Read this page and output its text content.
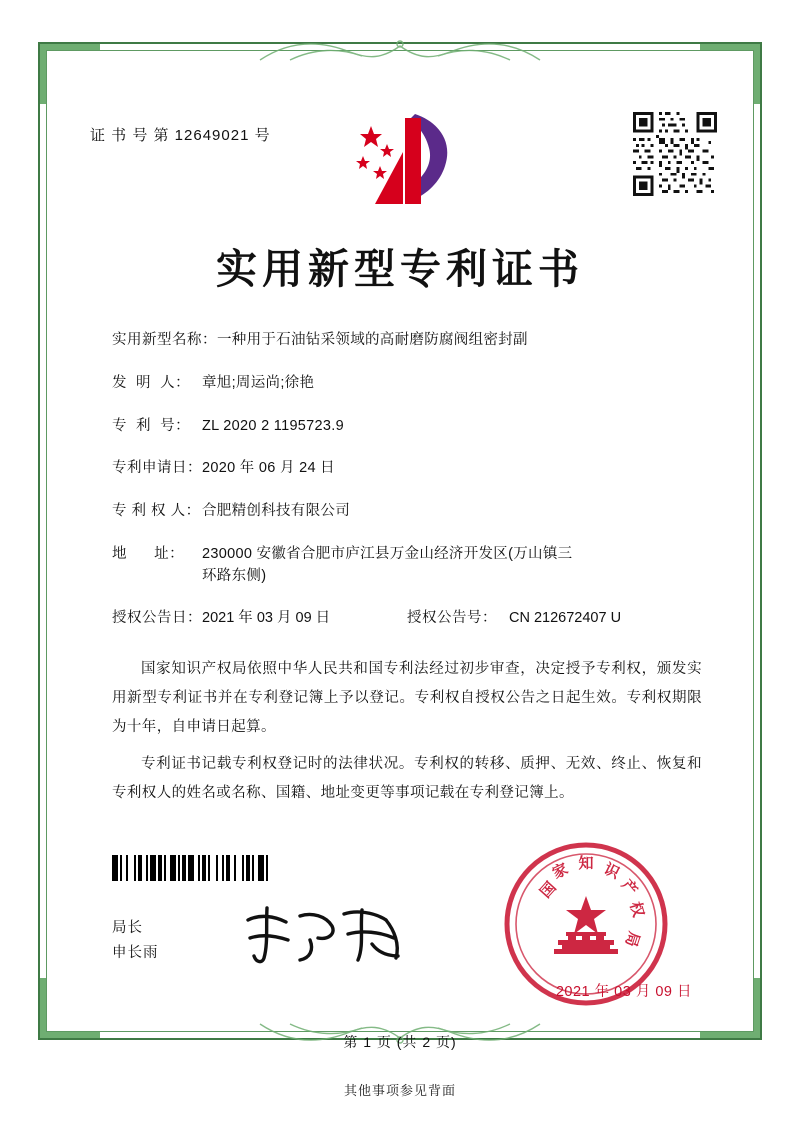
证 书 号 第 12649021 号
实用新型专利证书
实用新型名称： 一种用于石油钻采领域的高耐磨防腐阀组密封副
发  明  人： 章旭;周运尚;徐艳
专  利  号： ZL 2020 2 1195723.9
专利申请日： 2020 年 06 月 24 日
专 利 权 人： 合肥精创科技有限公司
地      址：	230000 安徽省合肥市庐江县万金山经济开发区(万山镇三
环路东侧)
授权公告日： 2021 年 03 月 09 日	授权公告号： CN 212672407 U

国家知识产权局依照中华人民共和国专利法经过初步审查，决定授予专利权，颁发实用新型专利证书并在专利登记簿上予以登记。专利权自授权公告之日起生效。专利权期限为十年，自申请日起算。

专利证书记载专利权登记时的法律状况。专利权的转移、质押、无效、终止、恢复和专利权人的姓名或名称、国籍、地址变更等事项记载在专利登记簿上。

局长
申长雨
国
家 知 识
产
权
局
2021 年 03 月 09 日
第 1 页 (共 2 页)
其他事项参见背面
